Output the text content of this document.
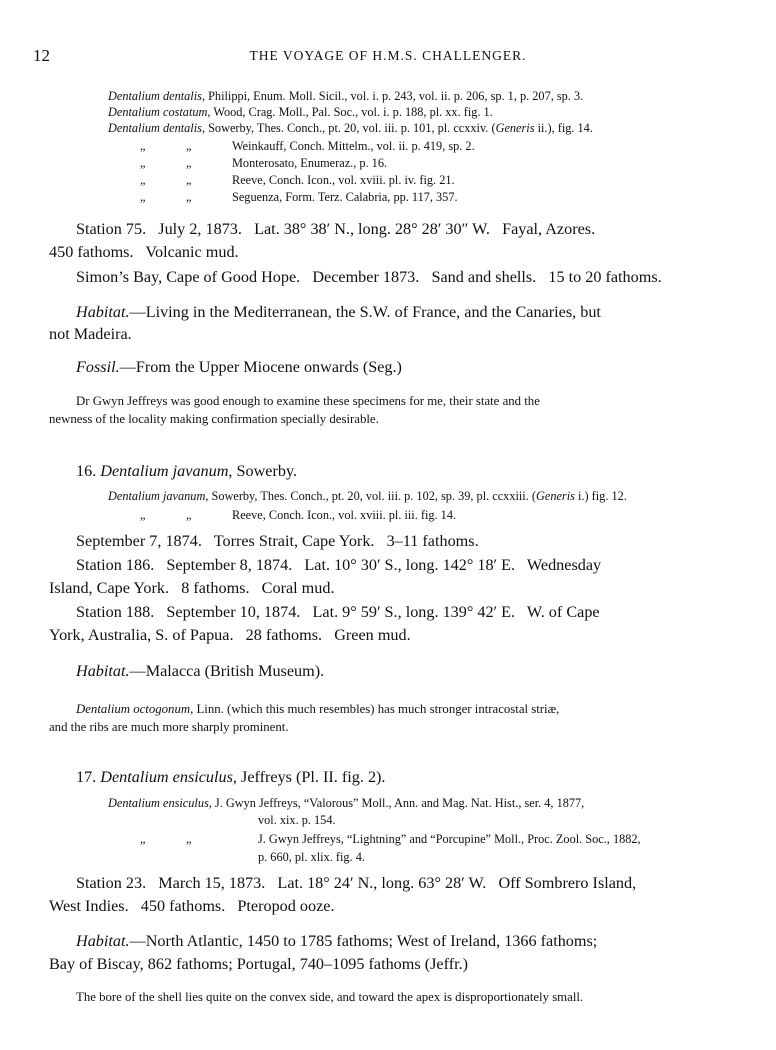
12	THE VOYAGE OF H.M.S. CHALLENGER.
Dentalium dentalis, Philippi, Enum. Moll. Sicil., vol. i. p. 243, vol. ii. p. 206, sp. 1, p. 207, sp. 3.
Dentalium costatum, Wood, Crag. Moll., Pal. Soc., vol. i. p. 188, pl. xx. fig. 1.
Dentalium dentalis, Sowerby, Thes. Conch., pt. 20, vol. iii. p. 101, pl. ccxxiv. (Generis ii.), fig. 14.
„	„	Weinkauff, Conch. Mittelm., vol. ii. p. 419, sp. 2.
„	„	Monterosato, Enumeraz., p. 16.
„	„	Reeve, Conch. Icon., vol. xviii. pl. iv. fig. 21.
„	„	Seguenza, Form. Terz. Calabria, pp. 117, 357.
Station 75.   July 2, 1873.   Lat. 38° 38′ N., long. 28° 28′ 30″ W.   Fayal, Azores.
450 fathoms.   Volcanic mud.
Simon’s Bay, Cape of Good Hope.   December 1873.   Sand and shells.   15 to 20 fathoms.
Habitat.—Living in the Mediterranean, the S.W. of France, and the Canaries, but
not Madeira.
Fossil.—From the Upper Miocene onwards (Seg.)
Dr Gwyn Jeffreys was good enough to examine these specimens for me, their state and the
newness of the locality making confirmation specially desirable.
16. Dentalium javanum, Sowerby.
Dentalium javanum, Sowerby, Thes. Conch., pt. 20, vol. iii. p. 102, sp. 39, pl. ccxxiii. (Generis i.) fig. 12.
„	„	Reeve, Conch. Icon., vol. xviii. pl. iii. fig. 14.
September 7, 1874.   Torres Strait, Cape York.   3–11 fathoms.
Station 186.   September 8, 1874.   Lat. 10° 30′ S., long. 142° 18′ E.   Wednesday
Island, Cape York.   8 fathoms.   Coral mud.
Station 188.   September 10, 1874.   Lat. 9° 59′ S., long. 139° 42′ E.   W. of Cape
York, Australia, S. of Papua.   28 fathoms.   Green mud.
Habitat.—Malacca (British Museum).
Dentalium octogonum, Linn. (which this much resembles) has much stronger intracostal striæ,
and the ribs are much more sharply prominent.
17. Dentalium ensiculus, Jeffreys (Pl. II. fig. 2).
Dentalium ensiculus, J. Gwyn Jeffreys, “Valorous” Moll., Ann. and Mag. Nat. Hist., ser. 4, 1877,
vol. xix. p. 154.
„	„	J. Gwyn Jeffreys, “Lightning” and “Porcupine” Moll., Proc. Zool. Soc., 1882,
p. 660, pl. xlix. fig. 4.
Station 23.   March 15, 1873.   Lat. 18° 24′ N., long. 63° 28′ W.   Off Sombrero Island,
West Indies.   450 fathoms.   Pteropod ooze.
Habitat.—North Atlantic, 1450 to 1785 fathoms; West of Ireland, 1366 fathoms;
Bay of Biscay, 862 fathoms; Portugal, 740–1095 fathoms (Jeffr.)
The bore of the shell lies quite on the convex side, and toward the apex is disproportionately small.
